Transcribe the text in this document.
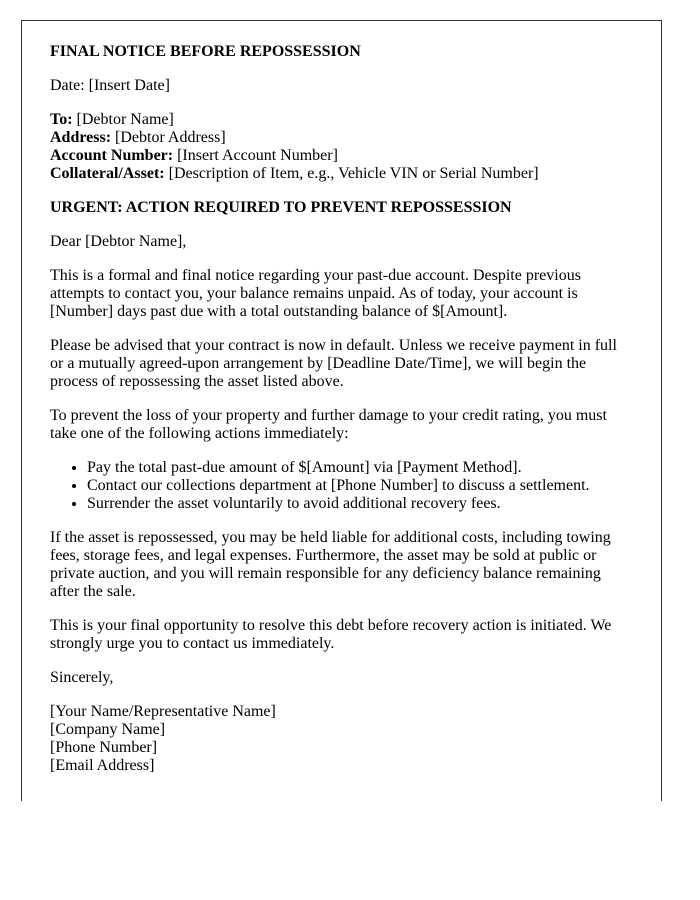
FINAL NOTICE BEFORE REPOSSESSION

Date: [Insert Date]

To: [Debtor Name]

Address: [Debtor Address]

Account Number: [Insert Account Number]

Collateral/Asset: [Description of Item, e.g., Vehicle VIN or Serial Number]

URGENT: ACTION REQUIRED TO PREVENT REPOSSESSION

Dear [Debtor Name],

This is a formal and final notice regarding your past-due account. Despite previous attempts to contact you, your balance remains unpaid. As of today, your account is [Number] days past due with a total outstanding balance of $[Amount].

Please be advised that your contract is now in default. Unless we receive payment in full or a mutually agreed-upon arrangement by [Deadline Date/Time], we will begin the process of repossessing the asset listed above.

To prevent the loss of your property and further damage to your credit rating, you must take one of the following actions immediately:

• Pay the total past-due amount of $[Amount] via [Payment Method].
• Contact our collections department at [Phone Number] to discuss a settlement.
• Surrender the asset voluntarily to avoid additional recovery fees.

If the asset is repossessed, you may be held liable for additional costs, including towing fees, storage fees, and legal expenses. Furthermore, the asset may be sold at public or private auction, and you will remain responsible for any deficiency balance remaining after the sale.

This is your final opportunity to resolve this debt before recovery action is initiated. We strongly urge you to contact us immediately.

Sincerely,

[Your Name/Representative Name]

[Company Name]

[Phone Number]

[Email Address]
